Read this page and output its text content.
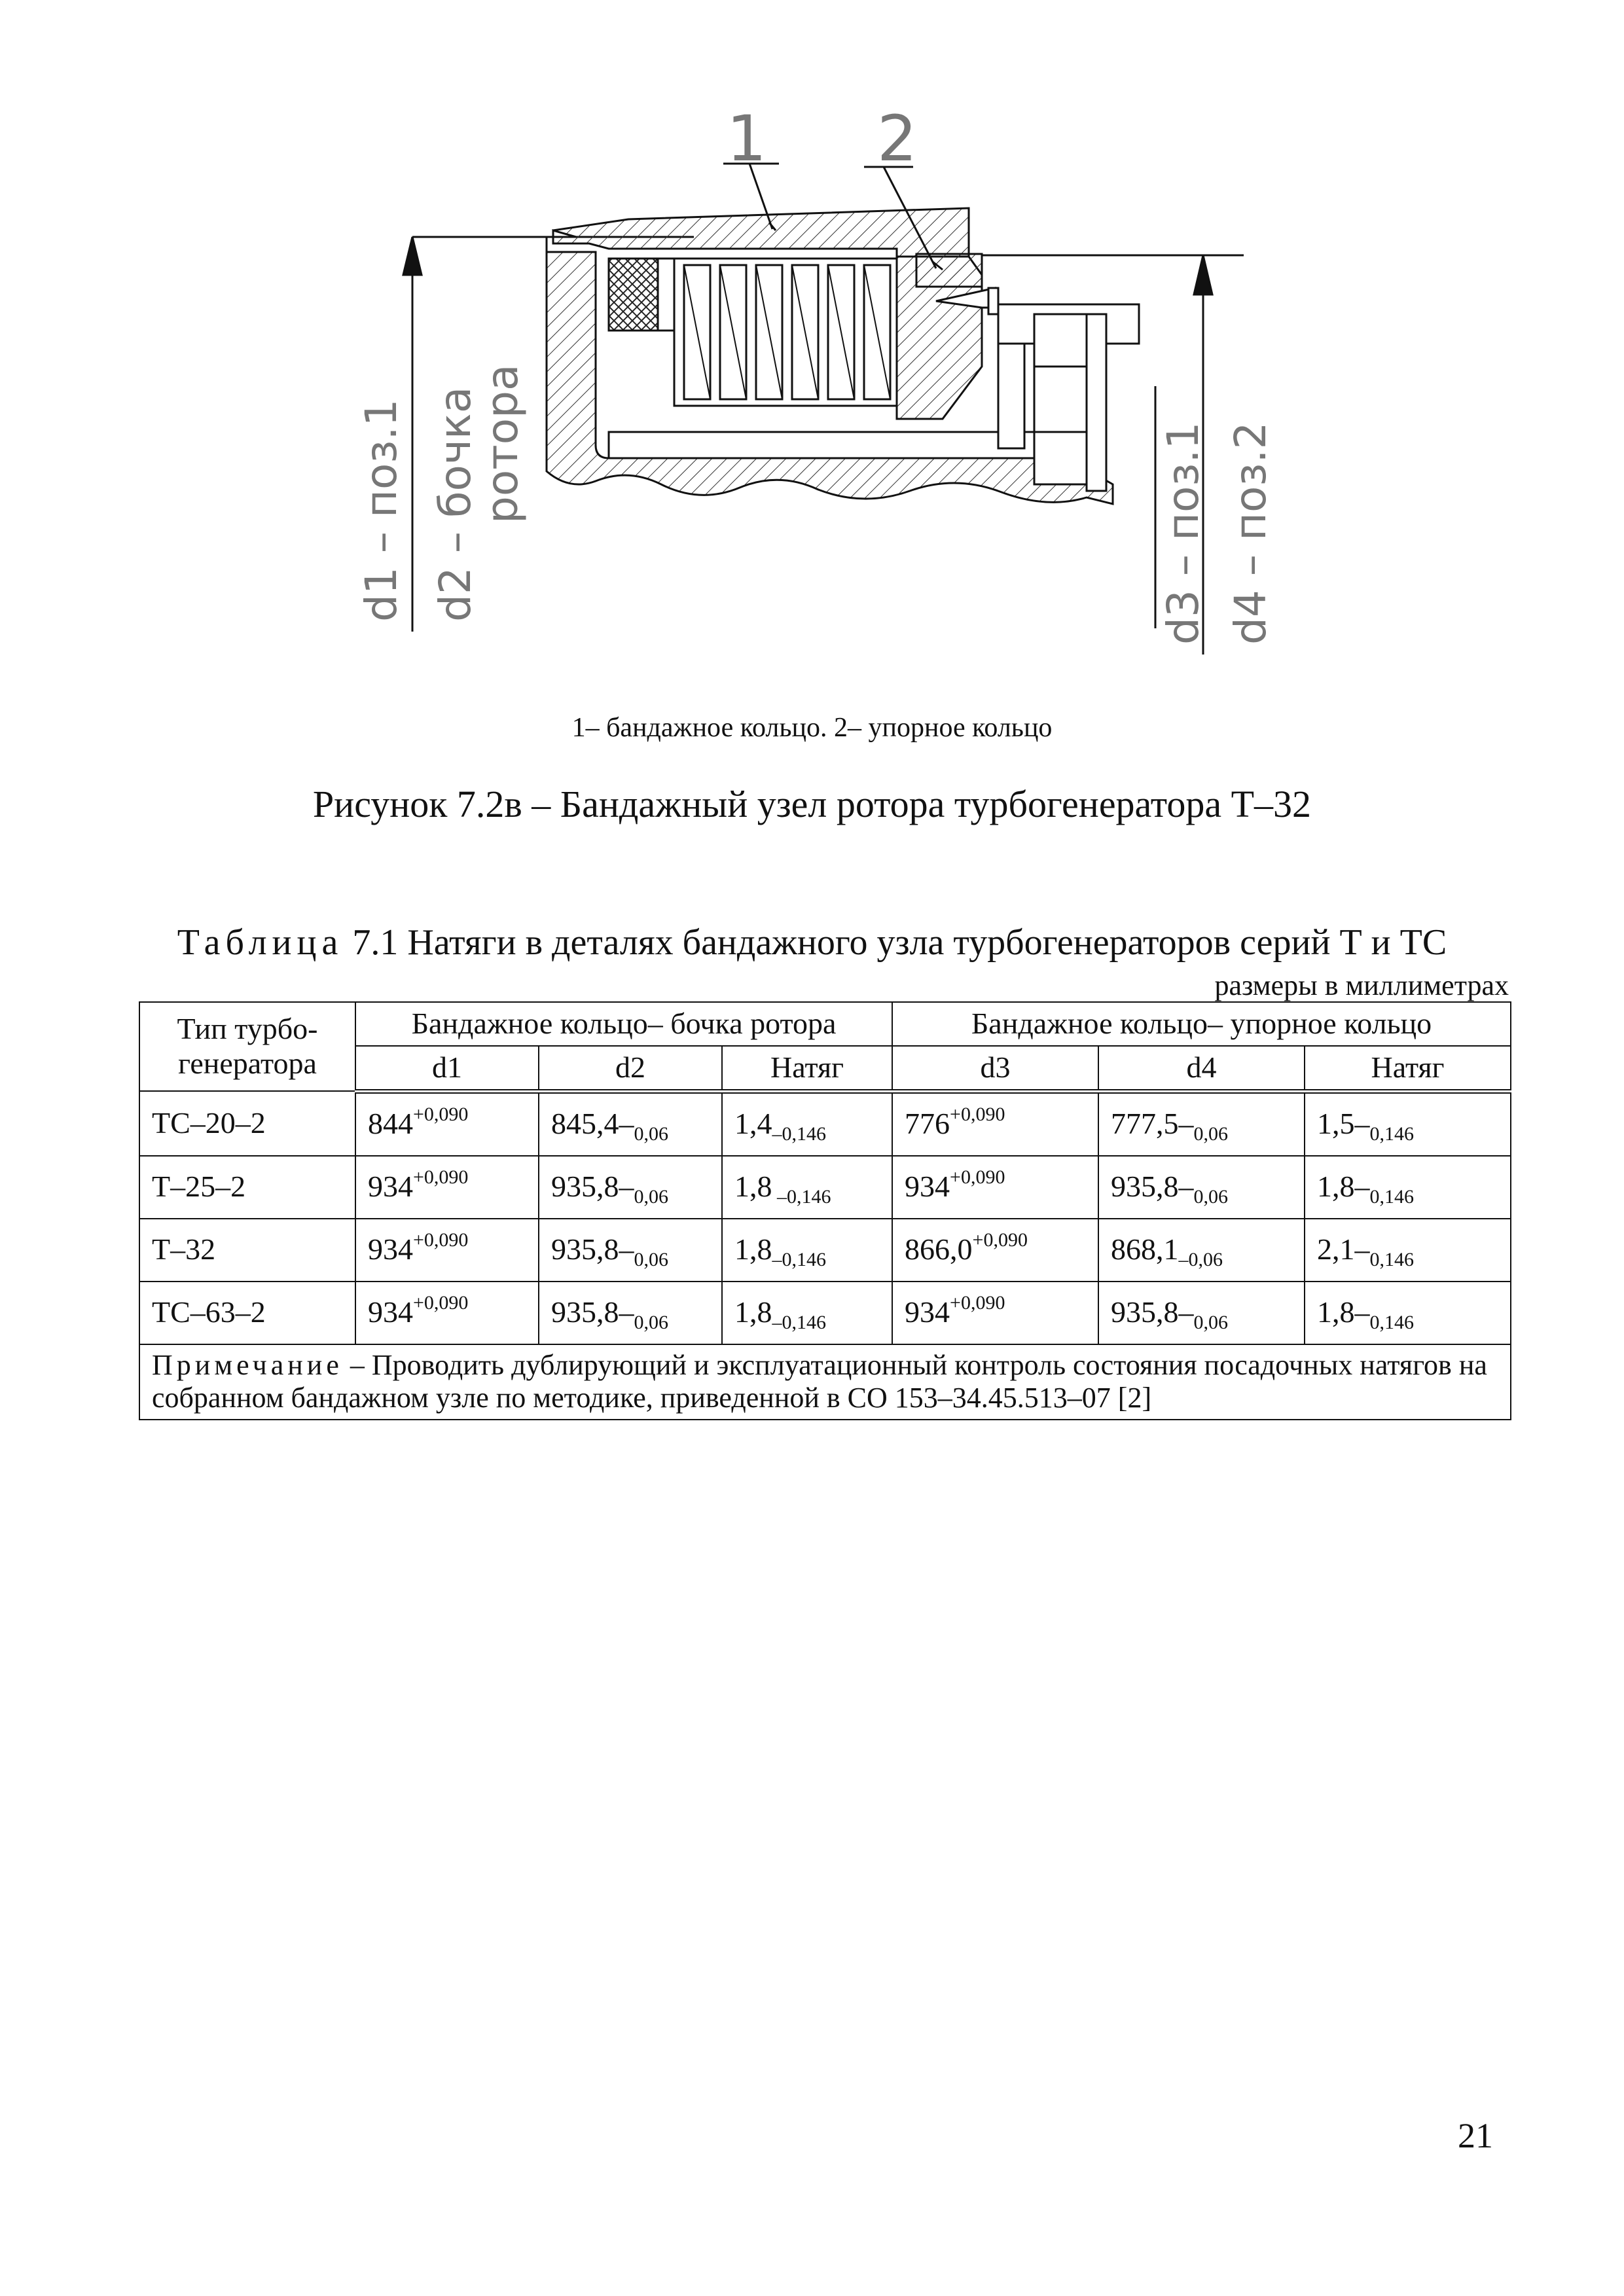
1 2
d1 – поз.1 d2 – бочка
ротора	d3 – поз.1 d4 – поз.2
1– бандажное кольцо. 2– упорное кольцо
Рисунок 7.2в – Бандажный узел ротора турбогенератора Т–32
Таблица 7.1 Натяги в деталях бандажного узла турбогенераторов серий Т и ТС
размеры в миллиметрах
Тип турбо-генератора	Бандажное кольцо– бочка ротора			Бандажное кольцо– упорное кольцо		
	d1	d2	Натяг	d3	d4	Натяг
ТС–20–2	$844^{+0,090}$	$845,4-_{0,06}$	$1,4_{-0,146}$	$776^{+0,090}$	$777,5-_{0,06}$	$1,5-_{0,146}$
Т–25–2	$934^{+0,090}$	$935,8-_{0,06}$	1,8 $_{-0,146}$	$934^{+0,090}$	$935,8-_{0,06}$	$1,8-_{0,146}$
Т–32	$934^{+0,090}$	$935,8-_{0,06}$	$1,8_{-0,146}$	$866,0^{+0,090}$	$868,1_{-0,06}$	$2,1-_{0,146}$
ТС–63–2	$934^{+0,090}$	$935,8-_{0,06}$	$1,8_{-0,146}$	$934^{+0,090}$	$935,8-_{0,06}$	$1,8-_{0,146}$
Примечание – Проводить дублирующий и эксплуатационный контроль состояния посадочных натягов на собранном бандажном узле по методике, приведенной в СО 153–34.45.513–07 [2]						
21
